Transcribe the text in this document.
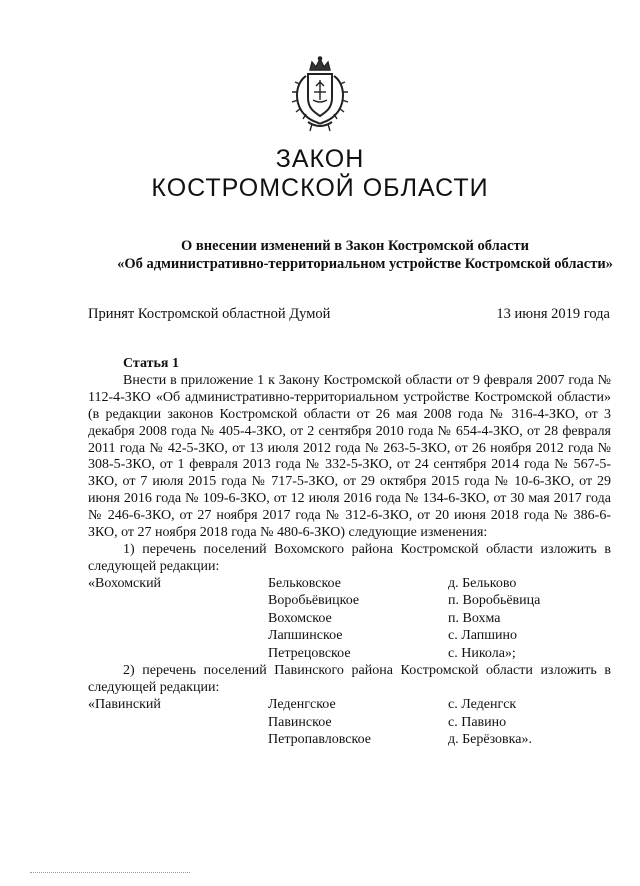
ЗАКОН
КОСТРОМСКОЙ ОБЛАСТИ
О внесении изменений в Закон Костромской области
«Об административно-территориальном устройстве Костромской области»
Принят Костромской областной Думой	13 июня 2019 года
Статья 1

Внести в приложение 1 к Закону Костромской области от 9 февраля 2007 года № 112-4-ЗКО «Об административно-территориальном устройстве Костромской области» (в редакции законов Костромской области от 26 мая 2008 года № 316-4-ЗКО, от 3 декабря 2008 года № 405-4-ЗКО, от 2 сентября 2010 года № 654-4-ЗКО, от 28 февраля 2011 года № 42-5-ЗКО, от 13 июля 2012 года № 263-5-ЗКО, от 26 ноября 2012 года № 308-5-ЗКО, от 1 февраля 2013 года № 332-5-ЗКО, от 24 сентября 2014 года № 567-5-ЗКО, от 7 июля 2015 года № 717-5-ЗКО, от 29 октября 2015 года № 10-6-ЗКО, от 29 июня 2016 года № 109-6-ЗКО, от 12 июля 2016 года № 134-6-ЗКО, от 30 мая 2017 года № 246-6-ЗКО, от 27 ноября 2017 года № 312-6-ЗКО, от 20 июня 2018 года № 386-6-ЗКО, от 27 ноября 2018 года № 480-6-ЗКО) следующие изменения:

1) перечень поселений Вохомского района Костромской области изложить в следующей редакции:

«Вохомский	Бельковское	д. Бельково
Воробьёвицкое	п. Воробьёвица
Вохомское	п. Вохма
Лапшинское	с. Лапшино
Петрецовское	с. Никола»;

2) перечень поселений Павинского района Костромской области изложить в следующей редакции:

«Павинский	Леденгское	с. Леденгск
Павинское	с. Павино
Петропавловское	д. Берёзовка».
